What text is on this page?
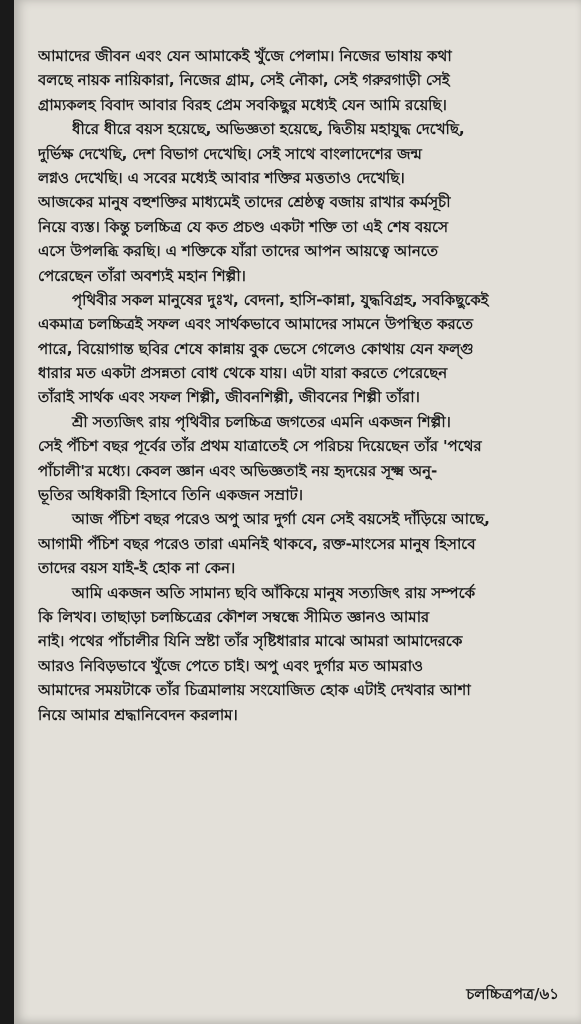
আমাদের জীবন এবং যেন আমাকেই খুঁজে পেলাম। নিজের ভাষায় কথা
বলছে নায়ক নায়িকারা, নিজের গ্রাম, সেই নৌকা, সেই গরুরগাড়ী সেই
গ্রাম্যকলহ বিবাদ আবার বিরহ প্রেম সবকিছুর মধ্যেই যেন আমি রয়েছি।
ধীরে ধীরে বয়স হয়েছে, অভিজ্ঞতা হয়েছে, দ্বিতীয় মহাযুদ্ধ দেখেছি,
দুর্ভিক্ষ দেখেছি, দেশ বিভাগ দেখেছি। সেই সাথে বাংলাদেশের জন্ম
লগ্নও দেখেছি। এ সবের মধ্যেই আবার শক্তির মত্ততাও দেখেছি।
আজকের মানুষ বহুশক্তির মাধ্যমেই তাদের শ্রেষ্ঠত্ব বজায় রাখার কর্মসূচী
নিয়ে ব্যস্ত। কিন্তু চলচ্চিত্র যে কত প্রচণ্ড একটা শক্তি তা এই শেষ বয়সে
এসে উপলব্ধি করছি। এ শক্তিকে যাঁরা তাদের আপন আয়ত্বে আনতে
পেরেছেন তাঁরা অবশ্যই মহান শিল্পী।
পৃথিবীর সকল মানুষের দুঃখ, বেদনা, হাসি-কান্না, যুদ্ধবিগ্রহ, সবকিছুকেই
একমাত্র চলচ্চিত্রই সফল এবং সার্থকভাবে আমাদের সামনে উপস্থিত করতে
পারে, বিয়োগান্ত ছবির শেষে কান্নায় বুক ভেসে গেলেও কোথায় যেন ফল্গু
ধারার মত একটা প্রসন্নতা বোধ থেকে যায়। এটা যারা করতে পেরেছেন
তাঁরাই সার্থক এবং সফল শিল্পী, জীবনশিল্পী, জীবনের শিল্পী তাঁরা।
শ্রী সত্যজিৎ রায় পৃথিবীর চলচ্চিত্র জগতের এমনি একজন শিল্পী।
সেই পঁচিশ বছর পূর্বের তাঁর প্রথম যাত্রাতেই সে পরিচয় দিয়েছেন তাঁর 'পথের
পাঁচালী'র মধ্যে। কেবল জ্ঞান এবং অভিজ্ঞতাই নয় হৃদয়ের সূক্ষ্ম অনু-
ভূতির অধিকারী হিসাবে তিনি একজন সম্রাট।
আজ পঁচিশ বছর পরেও অপু আর দুর্গা যেন সেই বয়সেই দাঁড়িয়ে আছে,
আগামী পঁচিশ বছর পরেও তারা এমনিই থাকবে, রক্ত-মাংসের মানুষ হিসাবে
তাদের বয়স যাই-ই হোক না কেন।
আমি একজন অতি সামান্য ছবি আঁকিয়ে মানুষ সত্যজিৎ রায় সম্পর্কে
কি লিখব। তাছাড়া চলচ্চিত্রের কৌশল সম্বন্ধে সীমিত জ্ঞানও আমার
নাই। পথের পাঁচালীর যিনি স্রষ্টা তাঁর সৃষ্টিধারার মাঝে আমরা আমাদেরকে
আরও নিবিড়ভাবে খুঁজে পেতে চাই। অপু এবং দুর্গার মত আমরাও
আমাদের সময়টাকে তাঁর চিত্রমালায় সংযোজিত হোক এটাই দেখবার আশা
নিয়ে আমার শ্রদ্ধানিবেদন করলাম।
চলচ্চিত্রপত্র/৬১
